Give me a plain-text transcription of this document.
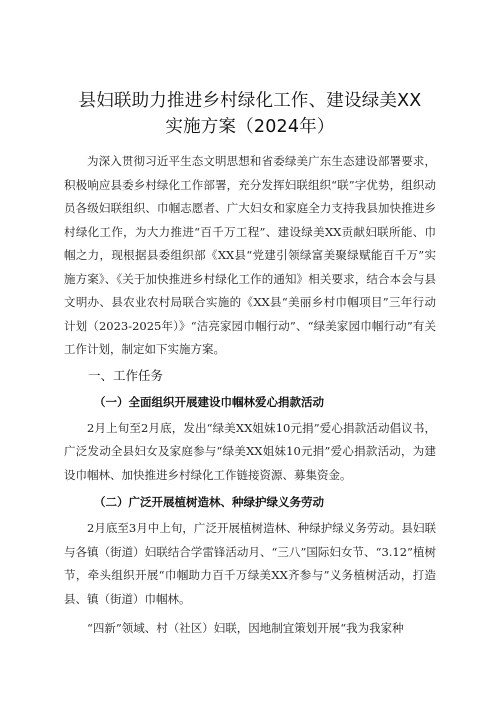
县妇联助力推进乡村绿化工作、建设绿美XX
实施方案（2024年）

为深入贯彻习近平生态文明思想和省委绿美广东生态建设部署要求，积极响应县委乡村绿化工作部署，充分发挥妇联组织“联”字优势，组织动员各级妇联组织、巾帼志愿者、广大妇女和家庭全力支持我县加快推进乡村绿化工作，为大力推进“百千万工程”、建设绿美XX贡献妇联所能、巾帼之力，现根据县委组织部《XX县“党建引领绿富美聚绿赋能百千万”实施方案》、《关于加快推进乡村绿化工作的通知》相关要求，结合本会与县文明办、县农业农村局联合实施的《XX县“美丽乡村巾帼项目”三年行动计划（2023-2025年）》“洁亮家园巾帼行动”、“绿美家园巾帼行动”有关工作计划，制定如下实施方案。

一、工作任务
（一）全面组织开展建设巾帼林爱心捐款活动

2月上旬至2月底，发出“绿美XX姐妹10元捐”爱心捐款活动倡议书，广泛发动全县妇女及家庭参与“绿美XX姐妹10元捐”爱心捐款活动，为建设巾帼林、加快推进乡村绿化工作链接资源、募集资金。

（二）广泛开展植树造林、种绿护绿义务劳动

2月底至3月中上旬，广泛开展植树造林、种绿护绿义务劳动。县妇联与各镇（街道）妇联结合学雷锋活动月、“三八”国际妇女节、“3.12”植树节，牵头组织开展“巾帼助力百千万绿美XX齐参与”义务植树活动，打造县、镇（街道）巾帼林。

“四新”领域、村（社区）妇联，因地制宜策划开展“我为我家种
